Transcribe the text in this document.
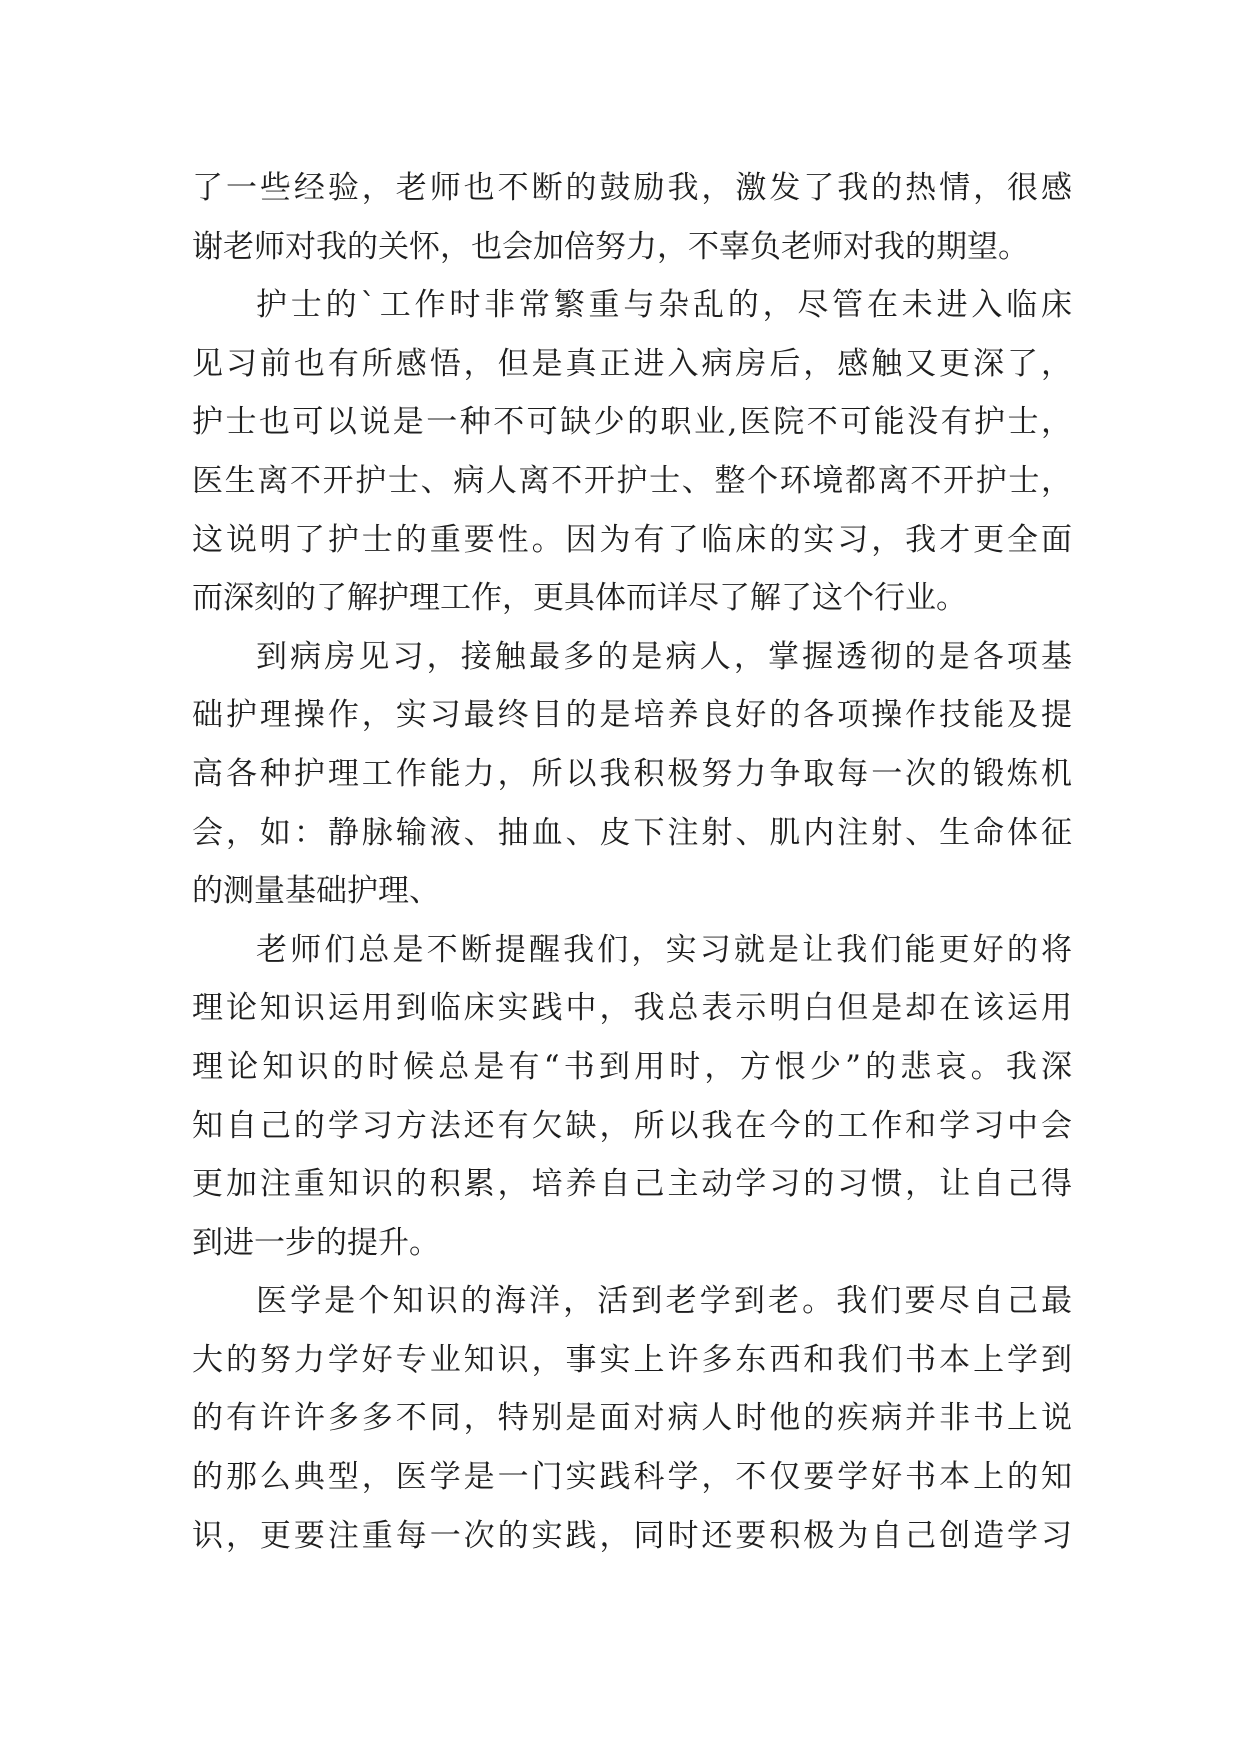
了一些经验，老师也不断的鼓励我，激发了我的热情，很感
谢老师对我的关怀，也会加倍努力，不辜负老师对我的期望。
护士的`工作时非常繁重与杂乱的，尽管在未进入临床
见习前也有所感悟，但是真正进入病房后，感触又更深了，
护士也可以说是一种不可缺少的职业,医院不可能没有护士，
医生离不开护士、病人离不开护士、整个环境都离不开护士，
这说明了护士的重要性。因为有了临床的实习，我才更全面
而深刻的了解护理工作，更具体而详尽了解了这个行业。
到病房见习，接触最多的是病人，掌握透彻的是各项基
础护理操作，实习最终目的是培养良好的各项操作技能及提
高各种护理工作能力，所以我积极努力争取每一次的锻炼机
会，如：静脉输液、抽血、皮下注射、肌内注射、生命体征
的测量基础护理、
老师们总是不断提醒我们，实习就是让我们能更好的将
理论知识运用到临床实践中，我总表示明白但是却在该运用
理论知识的时候总是有“书到用时，方恨少”的悲哀。我深
知自己的学习方法还有欠缺，所以我在今的工作和学习中会
更加注重知识的积累，培养自己主动学习的习惯，让自己得
到进一步的提升。
医学是个知识的海洋，活到老学到老。我们要尽自己最
大的努力学好专业知识，事实上许多东西和我们书本上学到
的有许许多多不同，特别是面对病人时他的疾病并非书上说
的那么典型，医学是一门实践科学，不仅要学好书本上的知
识，更要注重每一次的实践，同时还要积极为自己创造学习
